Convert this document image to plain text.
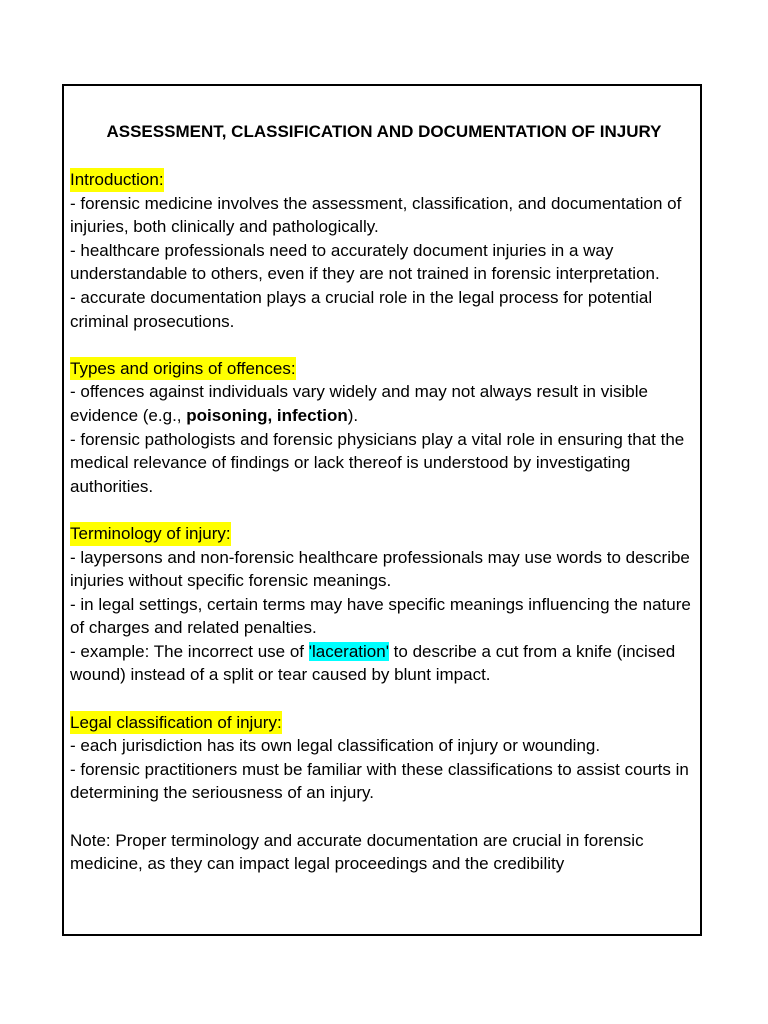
ASSESSMENT, CLASSIFICATION AND DOCUMENTATION OF INJURY
Introduction:

- forensic medicine involves the assessment, classification, and documentation of injuries, both clinically and pathologically.

- healthcare professionals need to accurately document injuries in a way understandable to others, even if they are not trained in forensic interpretation.

- accurate documentation plays a crucial role in the legal process for potential criminal prosecutions.

Types and origins of offences:

- offences against individuals vary widely and may not always result in visible evidence (e.g., poisoning, infection).

- forensic pathologists and forensic physicians play a vital role in ensuring that the medical relevance of findings or lack thereof is understood by investigating authorities.

Terminology of injury:

- laypersons and non-forensic healthcare professionals may use words to describe injuries without specific forensic meanings.

- in legal settings, certain terms may have specific meanings influencing the nature of charges and related penalties.

- example: The incorrect use of 'laceration' to describe a cut from a knife (incised wound) instead of a split or tear caused by blunt impact.

Legal classification of injury:

- each jurisdiction has its own legal classification of injury or wounding.

- forensic practitioners must be familiar with these classifications to assist courts in determining the seriousness of an injury.

Note: Proper terminology and accurate documentation are crucial in forensic medicine, as they can impact legal proceedings and the credibility
